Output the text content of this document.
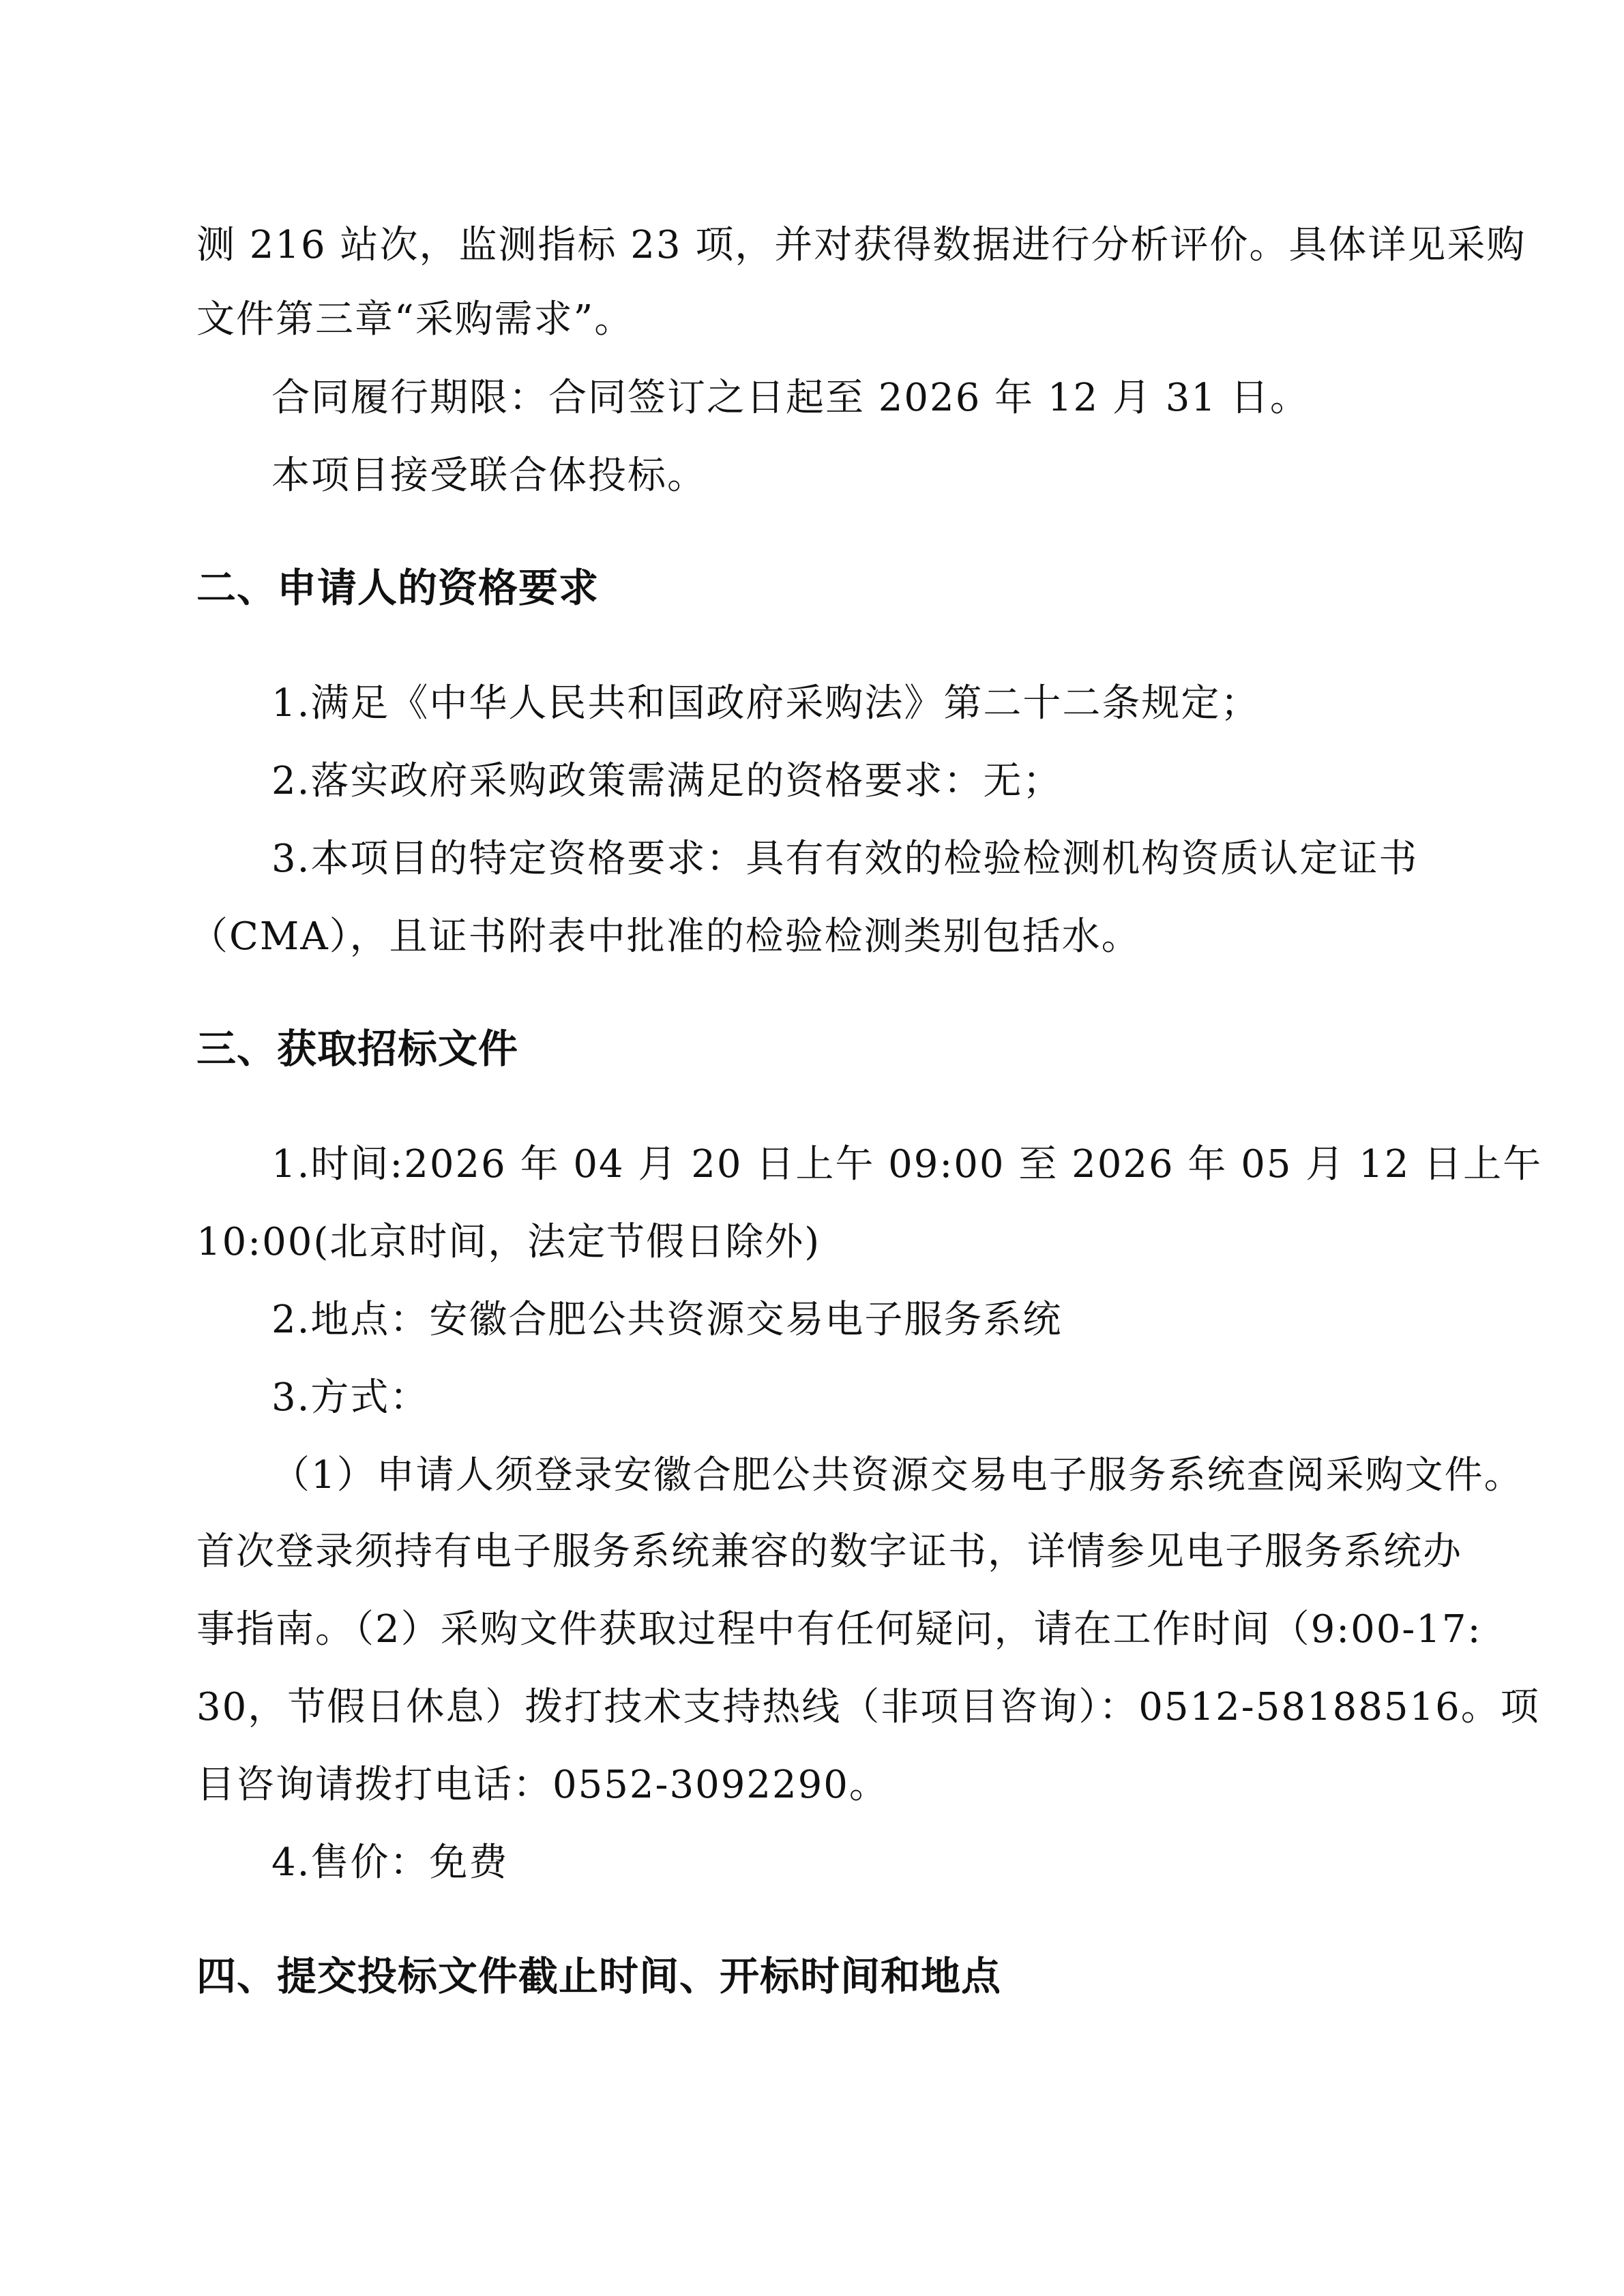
测 216 站次，监测指标 23 项，并对获得数据进行分析评价。具体详见采购
文件第三章“采购需求”。
合同履行期限：合同签订之日起至 2026 年 12 月 31 日。
本项目接受联合体投标。
二、申请人的资格要求
1.满足《中华人民共和国政府采购法》第二十二条规定；
2.落实政府采购政策需满足的资格要求：无；
3.本项目的特定资格要求：具有有效的检验检测机构资质认定证书
（CMA），且证书附表中批准的检验检测类别包括水。
三、获取招标文件
1.时间:2026 年 04 月 20 日上午 09:00 至 2026 年 05 月 12 日上午
10:00(北京时间，法定节假日除外)
2.地点：安徽合肥公共资源交易电子服务系统
3.方式：
（1）申请人须登录安徽合肥公共资源交易电子服务系统查阅采购文件。
首次登录须持有电子服务系统兼容的数字证书，详情参见电子服务系统办
事指南。（2）采购文件获取过程中有任何疑问，请在工作时间（9:00-17:
30，节假日休息）拨打技术支持热线（非项目咨询）：0512-58188516。项
目咨询请拨打电话：0552-3092290。
4.售价：免费
四、提交投标文件截止时间、开标时间和地点
